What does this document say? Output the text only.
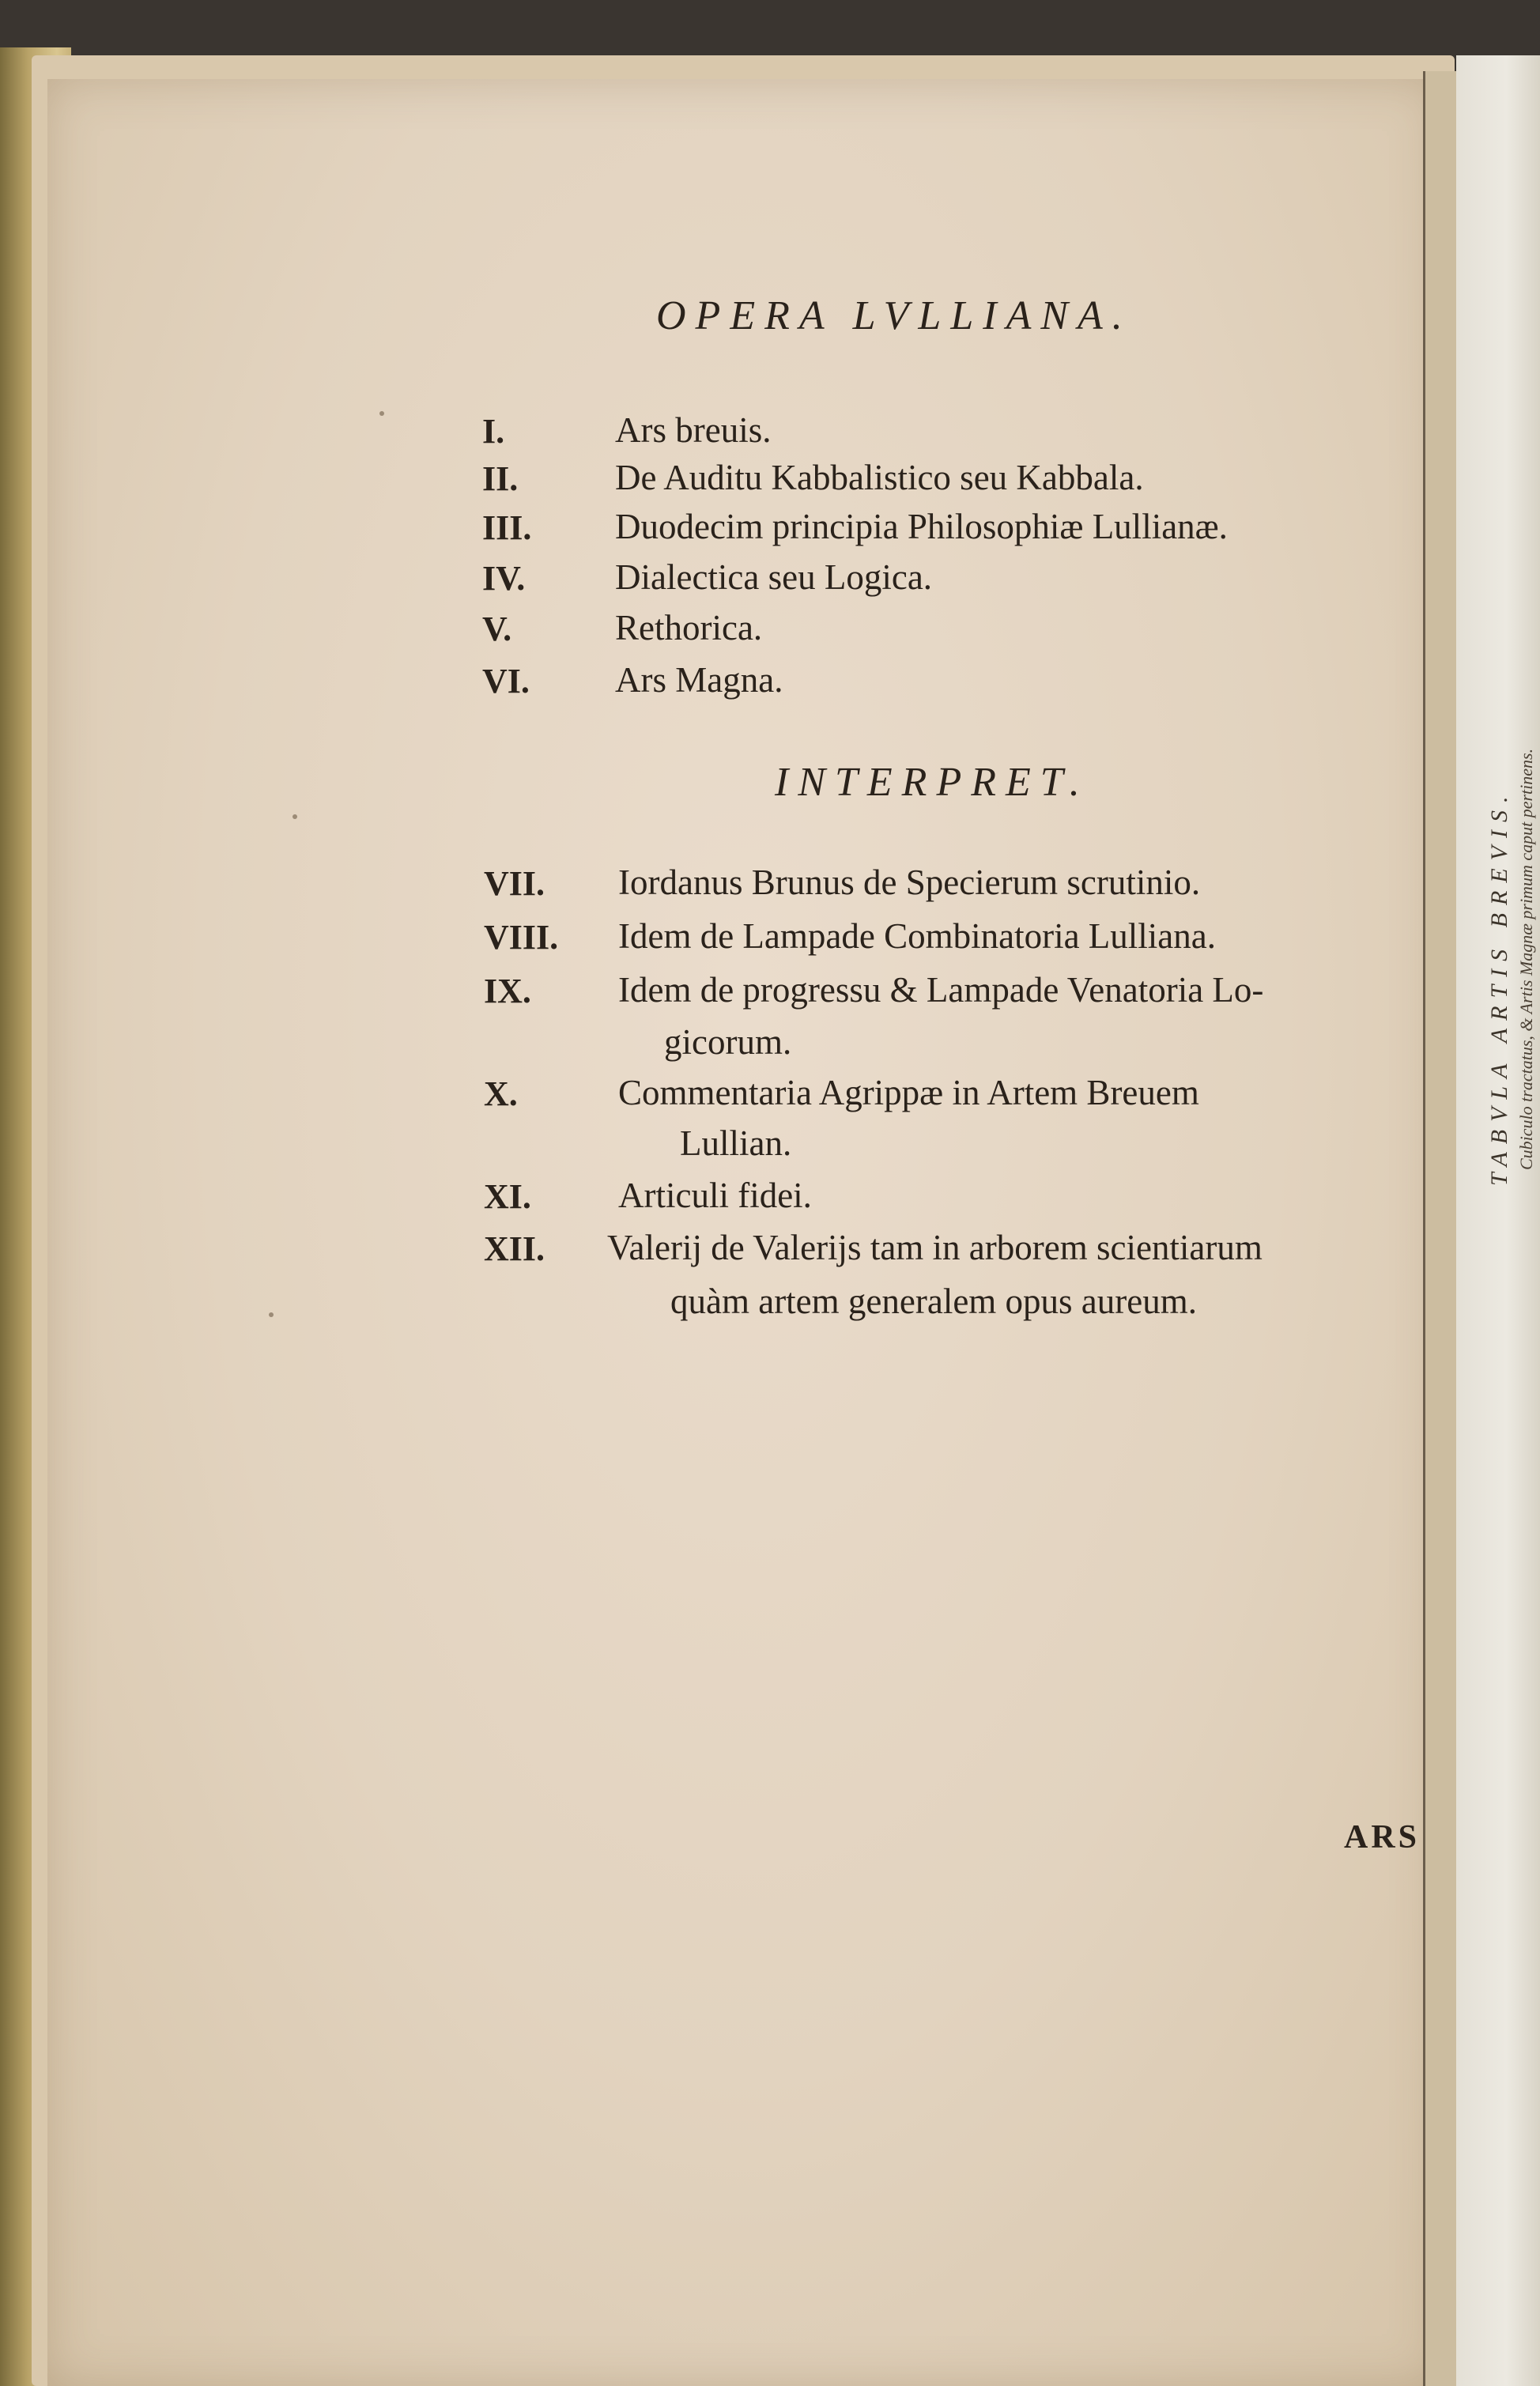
TABVLA ARTIS BREVIS. Cubiculo tractatus, & Artis Magnæ primum caput pertinens.
OPERA LVLLIANA.
I.	Ars breuis.
II.	De Auditu Kabbalistico seu Kabbala.
III. Duodecim principia Philosophiæ Lullianæ.
IV.	Dialectica seu Logica.
V.	Rethorica.
VI. Ars Magna.
INTERPRET.
VII. Iordanus Brunus de Specierum scrutinio.
VIII. Idem de Lampade Combinatoria Lulliana.
IX. Idem de progressu & Lampade Venatoria Lo-
gicorum.
X.	Commentaria Agrippæ in Artem Breuem
Lullian.
XI. Articuli fidei.
XII. Valerij de Valerijs tam in arborem scientiarum
quàm artem generalem opus aureum.
ARS
